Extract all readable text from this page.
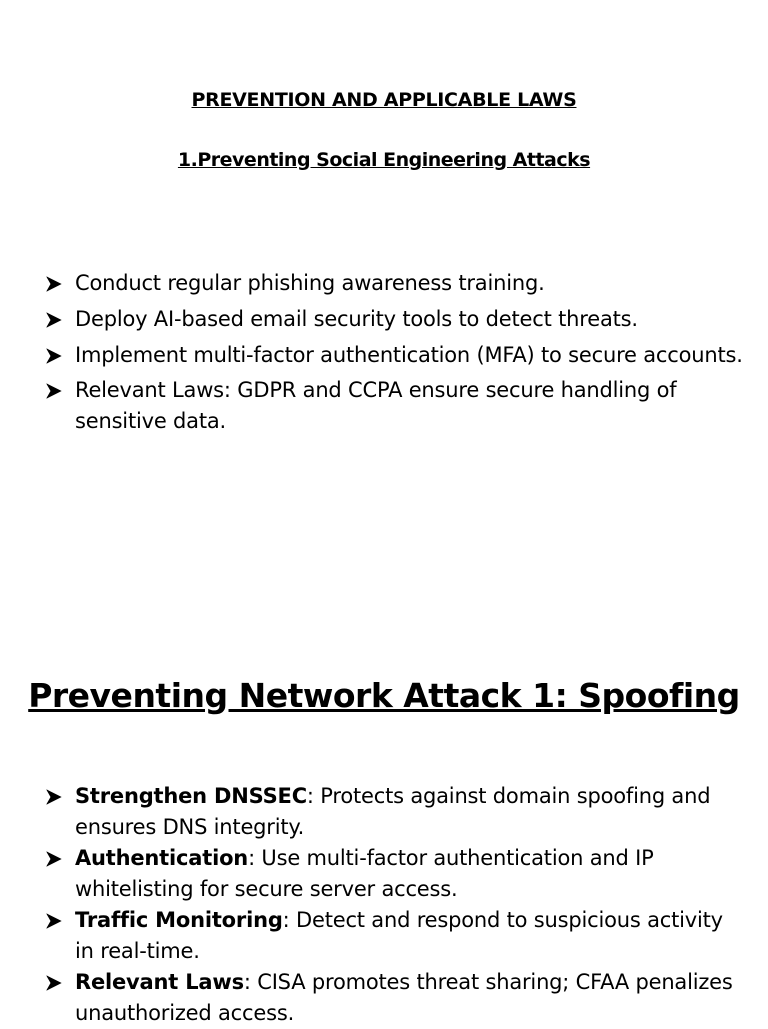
PREVENTION AND APPLICABLE LAWS
1.Preventing Social Engineering Attacks
Conduct regular phishing awareness training.
Deploy AI-based email security tools to detect threats.
Implement multi-factor authentication (MFA) to secure accounts.
Relevant Laws: GDPR and CCPA ensure secure handling of sensitive data.
Preventing Network Attack 1: Spoofing
Strengthen DNSSEC: Protects against domain spoofing and ensures DNS integrity.
Authentication: Use multi-factor authentication and IP whitelisting for secure server access.
Traffic Monitoring: Detect and respond to suspicious activity in real-time.
Relevant Laws: CISA promotes threat sharing; CFAA penalizes unauthorized access.
